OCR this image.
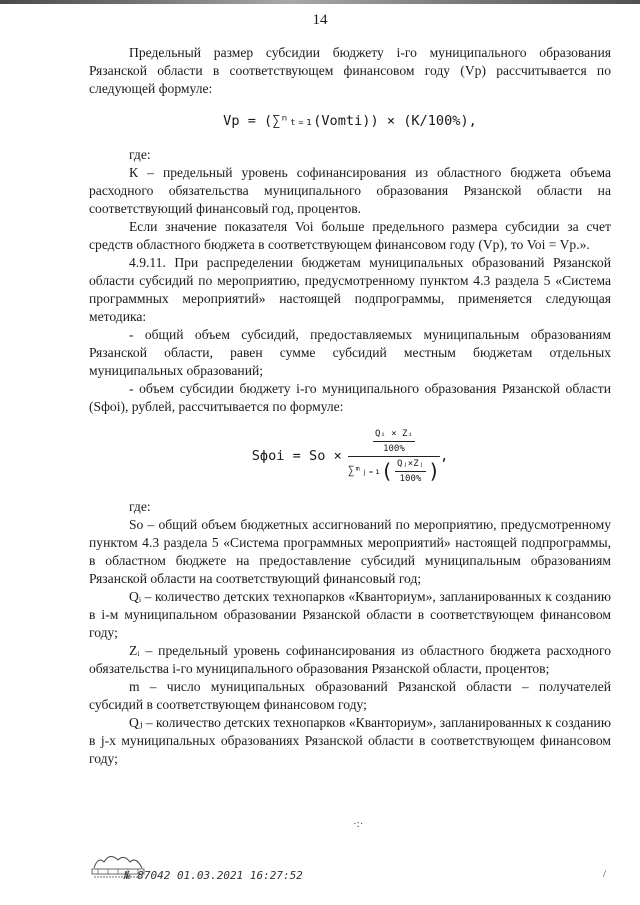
14

Предельный размер субсидии бюджету i-го муниципального образования Рязанской области в соответствующем финансовом году (Vp) рассчитывается по следующей формуле:

Vp = (∑ⁿₜ₌₁(Vomti)) × (K/100%),

где:

К – предельный уровень софинансирования из областного бюджета объема расходного обязательства муниципального образования Рязанской области на соответствующий финансовый год, процентов.

Если значение показателя Voi больше предельного размера субсидии за счет средств областного бюджета в соответствующем финансовом году (Vp), то Voi = Vp.».

4.9.11. При распределении бюджетам муниципальных образований Рязанской области субсидий по мероприятию, предусмотренному пунктом 4.3 раздела 5 «Система программных мероприятий» настоящей подпрограммы, применяется следующая методика:

- общий объем субсидий, предоставляемых муниципальным образованиям Рязанской области, равен сумме субсидий местным бюджетам отдельных муниципальных образований;

- объем субсидии бюджету i-го муниципального образования Рязанской области (Sфoi), рублей, рассчитывается по формуле:

Sфoi = So ×
$\frac{\text{Qᵢ × Zᵢ}}{100\%}$
∑ᵐⱼ₌₁ ( $\frac{\text{Qⱼ×Zⱼ}}{100\%}$ )
,

где:

So – общий объем бюджетных ассигнований по мероприятию, предусмотренному пунктом 4.3 раздела 5 «Система программных мероприятий» настоящей подпрограммы, в областном бюджете на предоставление субсидий муниципальным образованиям Рязанской области на соответствующий финансовый год;

Qᵢ – количество детских технопарков «Кванториум», запланированных к созданию в i-м муниципальном образовании Рязанской области в соответствующем финансовом году;

Zᵢ – предельный уровень софинансирования из областного бюджета расходного обязательства i-го муниципального образования Рязанской области, процентов;

m – число муниципальных образований Рязанской области – получателей субсидий в соответствующем финансовом году;

Qⱼ – количество детских технопарков «Кванториум», запланированных к созданию в j-х муниципальных образованиях Рязанской области в соответствующем финансовом году;

·:·
№ 87042 01.03.2021 16:27:52	/
